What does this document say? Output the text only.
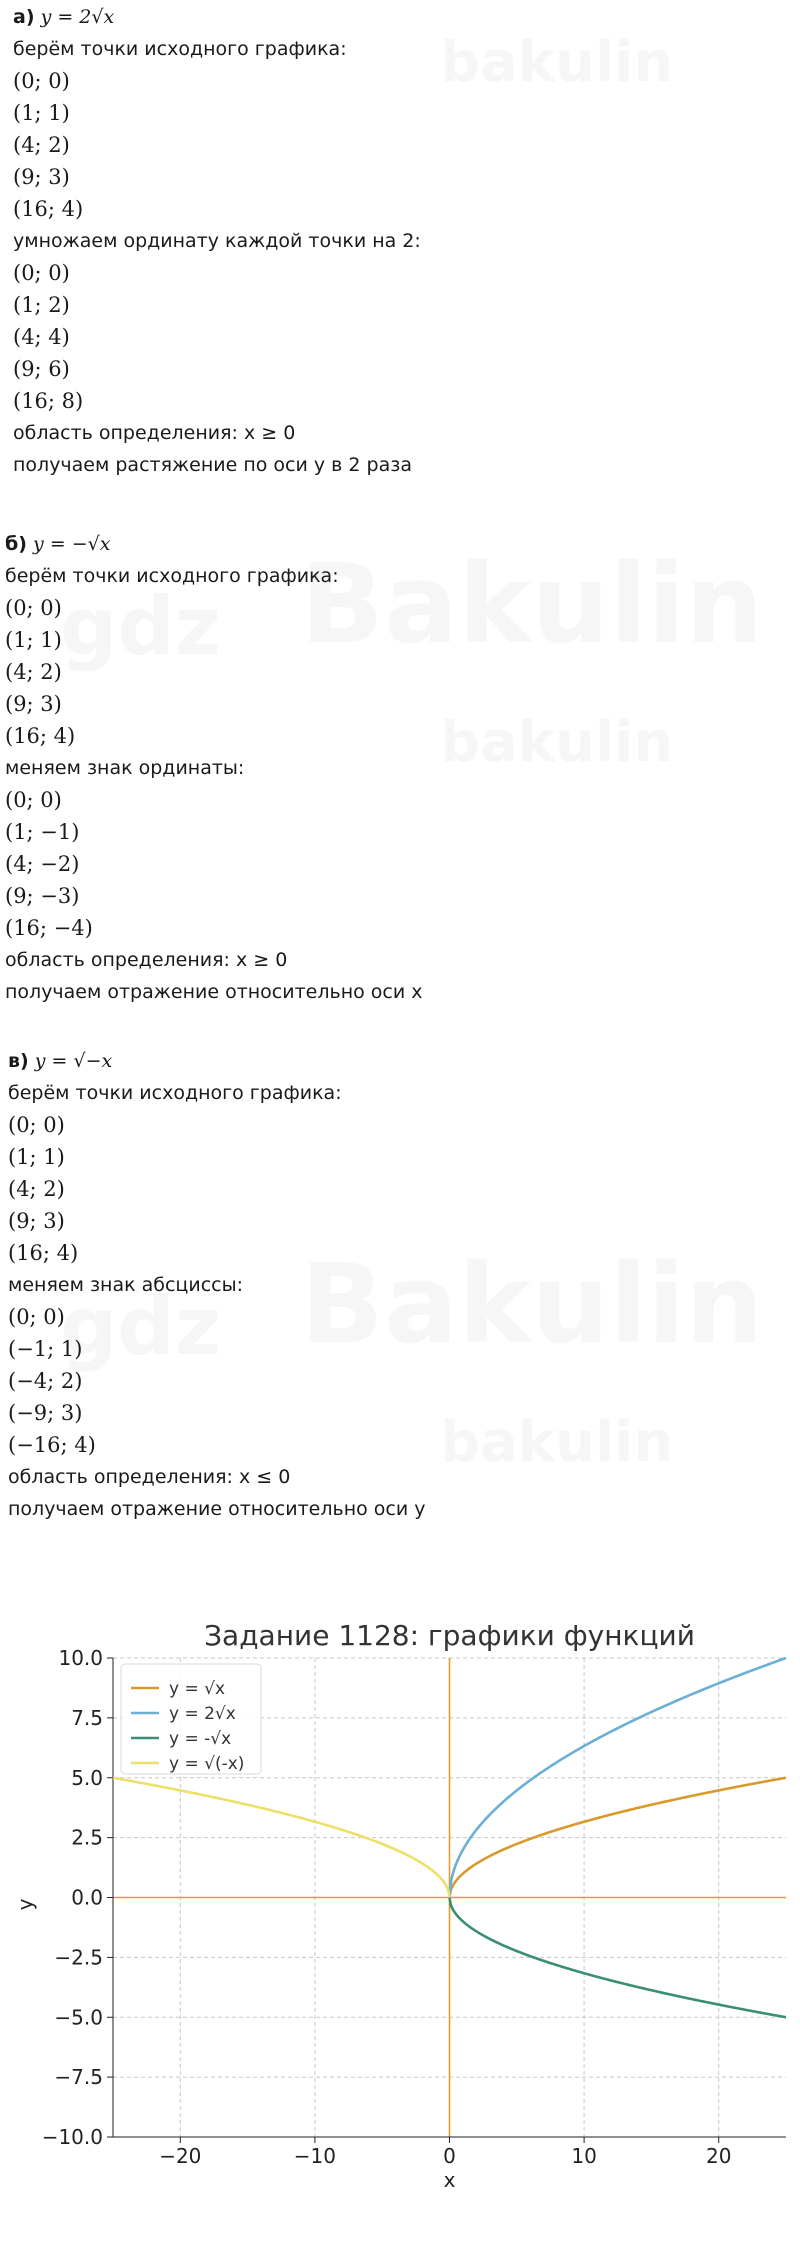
а) y = 2√x
берём точки исходного графика:
(0; 0)
(1; 1)
(4; 2)
(9; 3)
(16; 4)
умножаем ординату каждой точки на 2:
(0; 0)
(1; 2)
(4; 4)
(9; 6)
(16; 8)
область определения: x ≥ 0
получаем растяжение по оси y в 2 раза
б) y = −√x
берём точки исходного графика:
(0; 0)
(1; 1)
(4; 2)
(9; 3)
(16; 4)
меняем знак ординаты:
(0; 0)
(1; −1)
(4; −2)
(9; −3)
(16; −4)
область определения: x ≥ 0
получаем отражение относительно оси x
в) y = √−x
берём точки исходного графика:
(0; 0)
(1; 1)
(4; 2)
(9; 3)
(16; 4)
меняем знак абсциссы:
(0; 0)
(−1; 1)
(−4; 2)
(−9; 3)
(−16; 4)
область определения: x ≤ 0
получаем отражение относительно оси y
Задание 1128: графики функций
−20	−10	0	10	20
10.0
7.5
5.0
2.5
0.0
−2.5
−5.0
−7.5
−10.0
x
y
y = √x
y = 2√x
y = -√x
y = √(-x)
